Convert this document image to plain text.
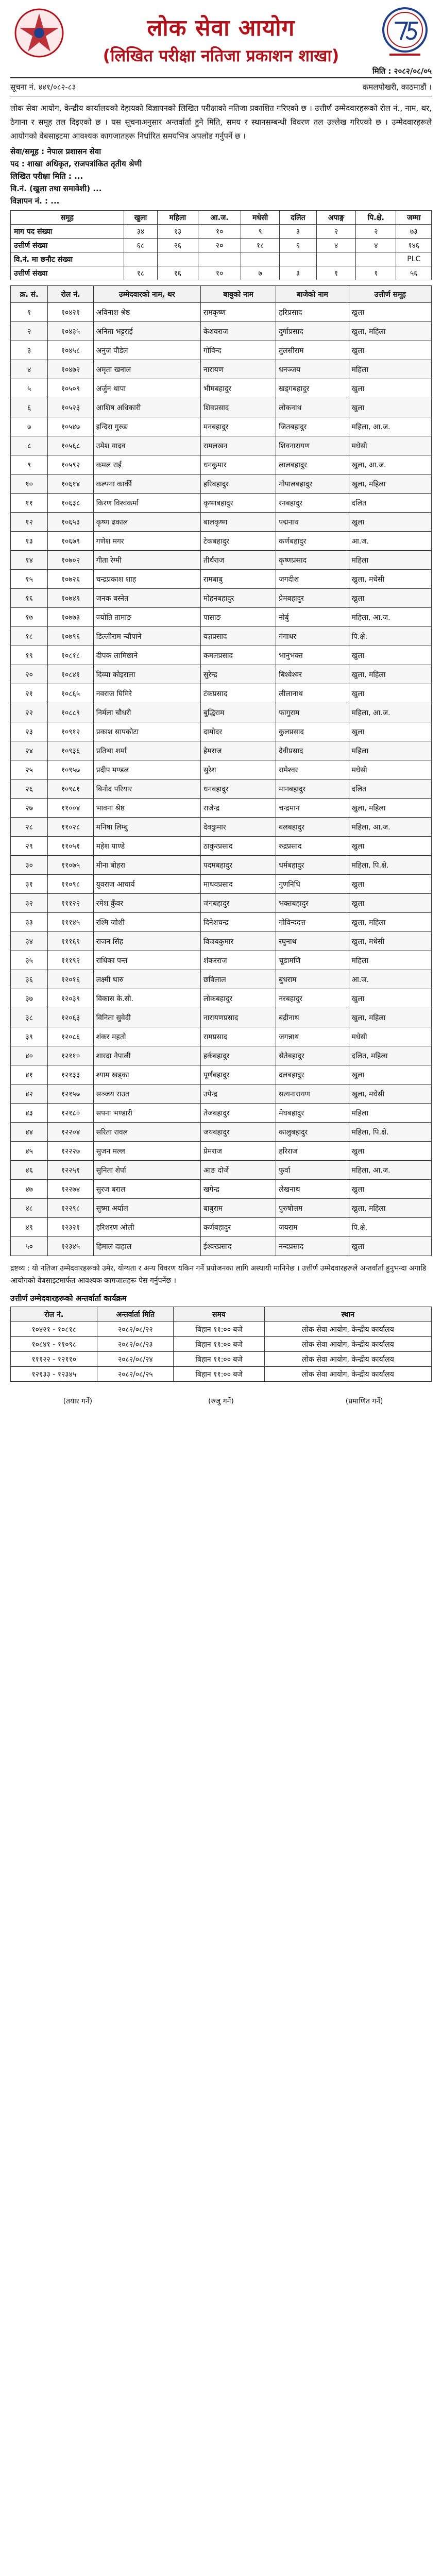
लोक सेवा आयोग
(लिखित परीक्षा नतिजा प्रकाशन शाखा)
मिति : २०८२/०८/०५
सूचना नं. ४४१/०८२-८३	कमलपोखरी, काठमाडौं ।

लोक सेवा आयोग, केन्द्रीय कार्यालयको देहायको विज्ञापनको लिखित परीक्षाको नतिजा प्रकाशित गरिएको छ । उत्तीर्ण उम्मेदवारहरूको रोल नं., नाम, थर, ठेगाना र समूह तल दिइएको छ । यस सूचनाअनुसार अन्तर्वार्ता हुने मिति, समय र स्थानसम्बन्धी विवरण तल उल्लेख गरिएको छ । उम्मेदवारहरूले आयोगको वेबसाइटमा आवश्यक कागजातहरू निर्धारित समयभित्र अपलोड गर्नुपर्ने छ ।

सेवा/समूह : नेपाल प्रशासन सेवा
पद : शाखा अधिकृत, राजपत्रांकित तृतीय श्रेणी
लिखित परीक्षा मिति : ...
वि.नं. (खुला तथा समावेशी) ...
विज्ञापन नं. : ...
समूह	खुला	महिला	आ.ज.	मधेसी	दलित	अपाङ्ग	पि.क्षे.	जम्मा
माग पद संख्या	३४	१३	१०	९	३	२	२	७३
उत्तीर्ण संख्या	६८	२६	२०	१८	६	४	४	१४६
वि.नं. मा छनौट संख्या								PLC
उत्तीर्ण संख्या	१८	१६	१०	७	३	१	१	५६
क्र. सं.	रोल नं.	उम्मेदवारको नाम, थर	बाबुको नाम	बाजेको नाम	उत्तीर्ण समूह
१	१०४२१	अविनाश श्रेष्ठ	रामकृष्ण	हरिप्रसाद	खुला
२	१०४३५	अनिता भट्टराई	केशवराज	दुर्गाप्रसाद	खुला, महिला
३	१०४५८	अनुज पौडेल	गोविन्द	तुलसीराम	खुला
४	१०४७२	अमृता खनाल	नारायण	धनञ्जय	महिला
५	१०५०९	अर्जुन थापा	भीमबहादुर	खड्गबहादुर	खुला
६	१०५२३	आशिष अधिकारी	शिवप्रसाद	लोकनाथ	खुला
७	१०५४७	इन्दिरा गुरुङ	मनबहादुर	जितबहादुर	महिला, आ.ज.
८	१०५६८	उमेश यादव	रामलखन	शिवनारायण	मधेसी
९	१०५९२	कमल राई	धनकुमार	लालबहादुर	खुला, आ.ज.
१०	१०६१४	कल्पना कार्की	हरिबहादुर	गोपालबहादुर	खुला, महिला
११	१०६३८	किरण विश्वकर्मा	कृष्णबहादुर	रनबहादुर	दलित
१२	१०६५३	कृष्ण ढकाल	बालकृष्ण	पद्मनाथ	खुला
१३	१०६७९	गणेश मगर	टेकबहादुर	कर्णबहादुर	आ.ज.
१४	१०७०२	गीता रेग्मी	तीर्थराज	कृष्णप्रसाद	महिला
१५	१०७२६	चन्द्रप्रकाश शाह	रामबाबु	जगदीश	खुला, मधेसी
१६	१०७४९	जनक बस्नेत	मोहनबहादुर	प्रेमबहादुर	खुला
१७	१०७७३	ज्योति तामाङ	पासाङ	नोर्बु	महिला, आ.ज.
१८	१०७९६	डिल्लीराम न्यौपाने	यज्ञप्रसाद	गंगाधर	पि.क्षे.
१९	१०८१८	दीपक लामिछाने	कमलप्रसाद	भानुभक्त	खुला
२०	१०८४१	दिव्या कोइराला	सुरेन्द्र	बिश्वेश्वर	खुला, महिला
२१	१०८६५	नवराज घिमिरे	टंकप्रसाद	लीलानाथ	खुला
२२	१०८८९	निर्मला चौधरी	बुद्धिराम	फागुराम	महिला, आ.ज.
२३	१०९१२	प्रकाश सापकोटा	दामोदर	कुलप्रसाद	खुला
२४	१०९३६	प्रतिभा शर्मा	हेमराज	देवीप्रसाद	महिला
२५	१०९५७	प्रदीप मण्डल	सुरेश	रामेश्वर	मधेसी
२६	१०९८१	बिनोद परियार	धनबहादुर	मानबहादुर	दलित
२७	११००४	भावना श्रेष्ठ	राजेन्द्र	चन्द्रमान	खुला, महिला
२८	११०२८	मनिषा लिम्बु	देवकुमार	बलबहादुर	महिला, आ.ज.
२९	११०५१	महेश पाण्डे	ठाकुरप्रसाद	रुद्रप्रसाद	खुला
३०	११०७५	मीना बोहरा	पदमबहादुर	धर्मबहादुर	महिला, पि.क्षे.
३१	११०९८	युवराज आचार्य	माधवप्रसाद	गुणनिधि	खुला
३२	१११२२	रमेश कुँवर	जंगबहादुर	भक्तबहादुर	खुला
३३	१११४५	रश्मि जोशी	दिनेशचन्द्र	गोविन्ददत्त	खुला, महिला
३४	१११६९	राजन सिंह	विजयकुमार	रघुनाथ	खुला, मधेसी
३५	१११९२	राधिका पन्त	शंकरराज	चूडामणि	महिला
३६	१२०१६	लक्ष्मी थारु	छविलाल	बुधराम	आ.ज.
३७	१२०३९	विकास के.सी.	लोकबहादुर	नरबहादुर	खुला
३८	१२०६३	विनिता सुवेदी	नारायणप्रसाद	बद्रीनाथ	खुला, महिला
३९	१२०८६	शंकर महतो	रामप्रसाद	जगन्नाथ	मधेसी
४०	१२११०	शारदा नेपाली	हर्कबहादुर	सेतेबहादुर	दलित, महिला
४१	१२१३३	श्याम खड्का	पूर्णबहादुर	दलबहादुर	खुला
४२	१२१५७	सञ्जय राउत	उपेन्द्र	सत्यनारायण	खुला, मधेसी
४३	१२१८०	सपना भण्डारी	तेजबहादुर	मेघबहादुर	महिला
४४	१२२०४	सरिता रावल	जयबहादुर	कालुबहादुर	महिला, पि.क्षे.
४५	१२२२७	सुजन मल्ल	प्रेमराज	हरिराज	खुला
४६	१२२५१	सुनिता शेर्पा	आङ दोर्जे	फुर्वा	महिला, आ.ज.
४७	१२२७४	सुरज बराल	खगेन्द्र	लेखनाथ	खुला
४८	१२२९८	सुष्मा अर्याल	बाबुराम	पुरुषोत्तम	खुला, महिला
४९	१२३२१	हरिशरण ओली	कर्णबहादुर	जयराम	पि.क्षे.
५०	१२३४५	हिमाल दाहाल	ईश्वरप्रसाद	नन्दप्रसाद	खुला
द्रष्टव्य : यो नतिजा उम्मेदवारहरूको उमेर, योग्यता र अन्य विवरण यकिन गर्ने प्रयोजनका लागि अस्थायी मानिनेछ । उत्तीर्ण उम्मेदवारहरूले अन्तर्वार्ता हुनुभन्दा अगाडि आयोगको वेबसाइटमार्फत आवश्यक कागजातहरू पेस गर्नुपर्नेछ ।
उत्तीर्ण उम्मेदवारहरूको अन्तर्वार्ता कार्यक्रम
रोल नं.	अन्तर्वार्ता मिति	समय	स्थान
१०४२१ - १०८१८	२०८२/०८/२२	बिहान ११:०० बजे	लोक सेवा आयोग, केन्द्रीय कार्यालय
१०८४१ - ११०९८	२०८२/०८/२३	बिहान ११:०० बजे	लोक सेवा आयोग, केन्द्रीय कार्यालय
१११२२ - १२११०	२०८२/०८/२४	बिहान ११:०० बजे	लोक सेवा आयोग, केन्द्रीय कार्यालय
१२१३३ - १२३४५	२०८२/०८/२५	बिहान ११:०० बजे	लोक सेवा आयोग, केन्द्रीय कार्यालय
(तयार गर्ने)	(रुजु गर्ने)	(प्रमाणित गर्ने)
